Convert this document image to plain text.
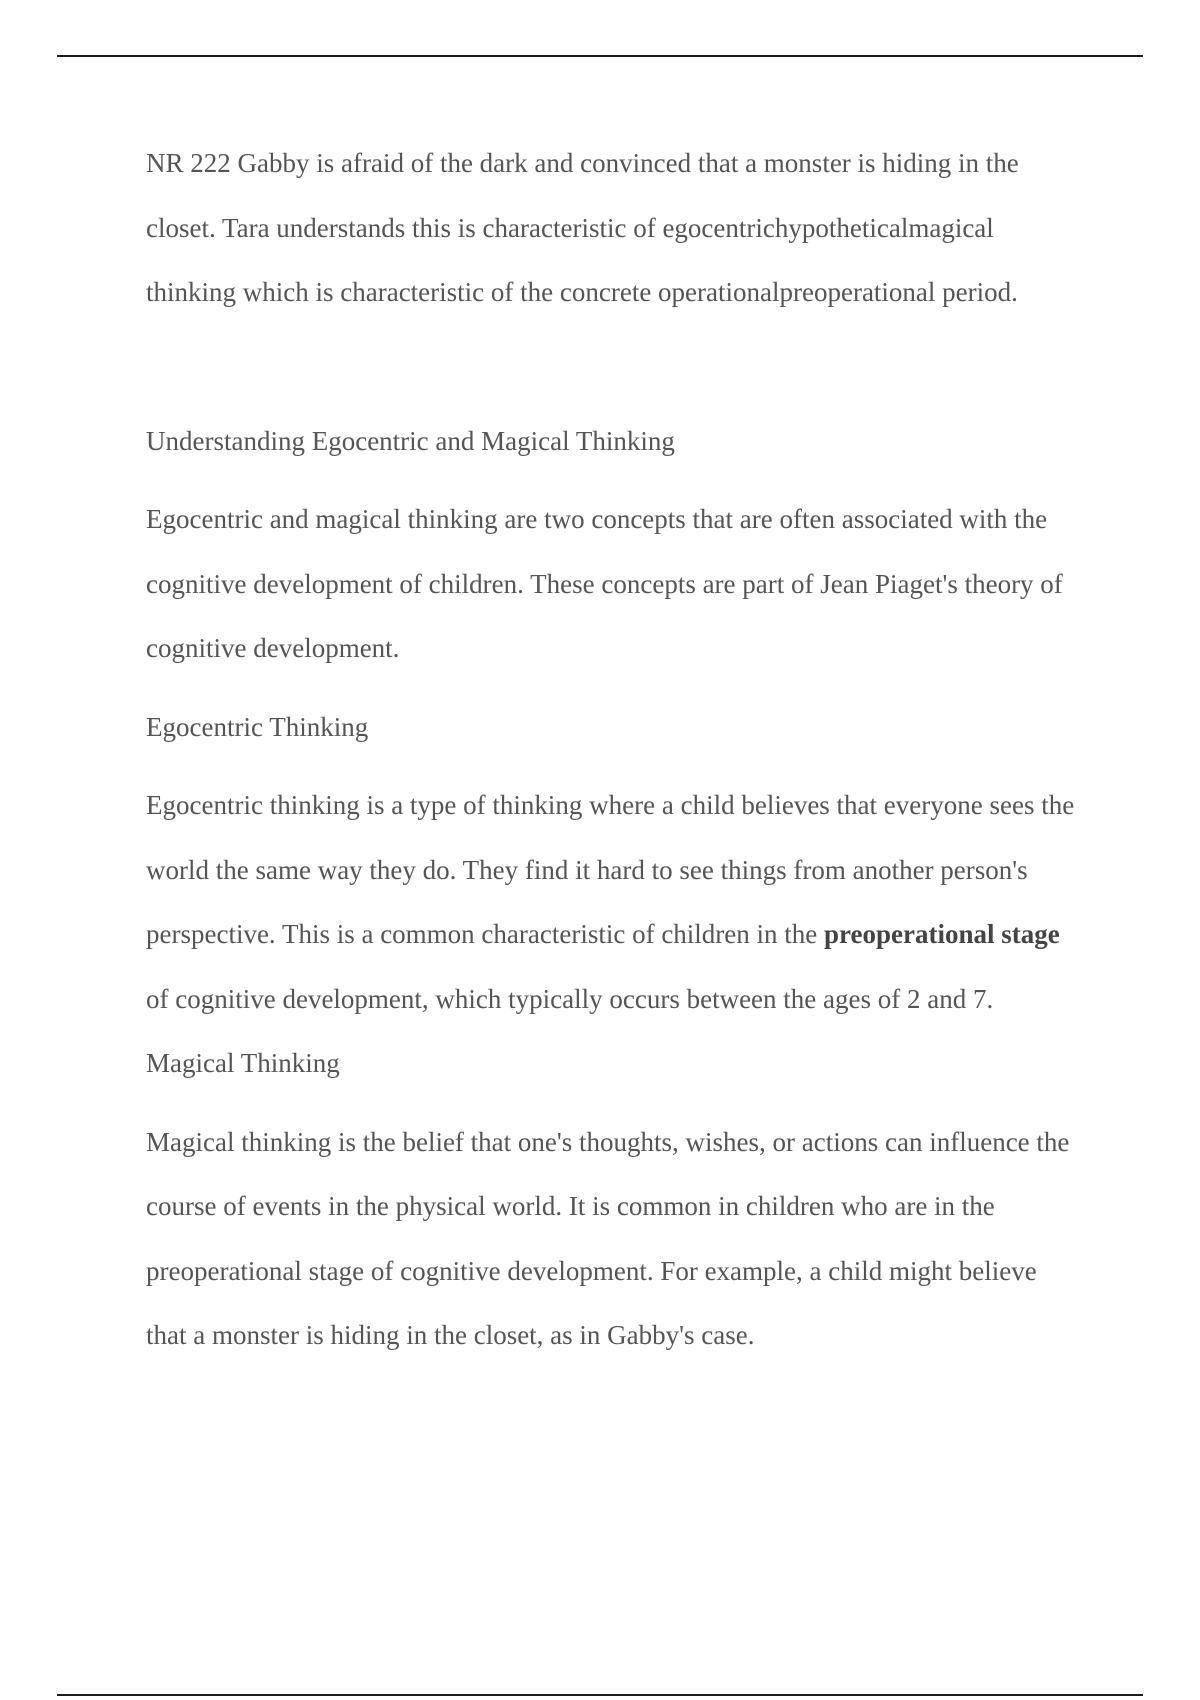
NR 222 Gabby is afraid of the dark and convinced that a monster is hiding in the closet. Tara understands this is characteristic of egocentrichypotheticalmagical thinking which is characteristic of the concrete operationalpreoperational period.

Understanding Egocentric and Magical Thinking

Egocentric and magical thinking are two concepts that are often associated with the cognitive development of children. These concepts are part of Jean Piaget's theory of cognitive development.

Egocentric Thinking

Egocentric thinking is a type of thinking where a child believes that everyone sees the world the same way they do. They find it hard to see things from another person's perspective. This is a common characteristic of children in the preoperational stage of cognitive development, which typically occurs between the ages of 2 and 7.

Magical Thinking

Magical thinking is the belief that one's thoughts, wishes, or actions can influence the course of events in the physical world. It is common in children who are in the preoperational stage of cognitive development. For example, a child might believe that a monster is hiding in the closet, as in Gabby's case.
